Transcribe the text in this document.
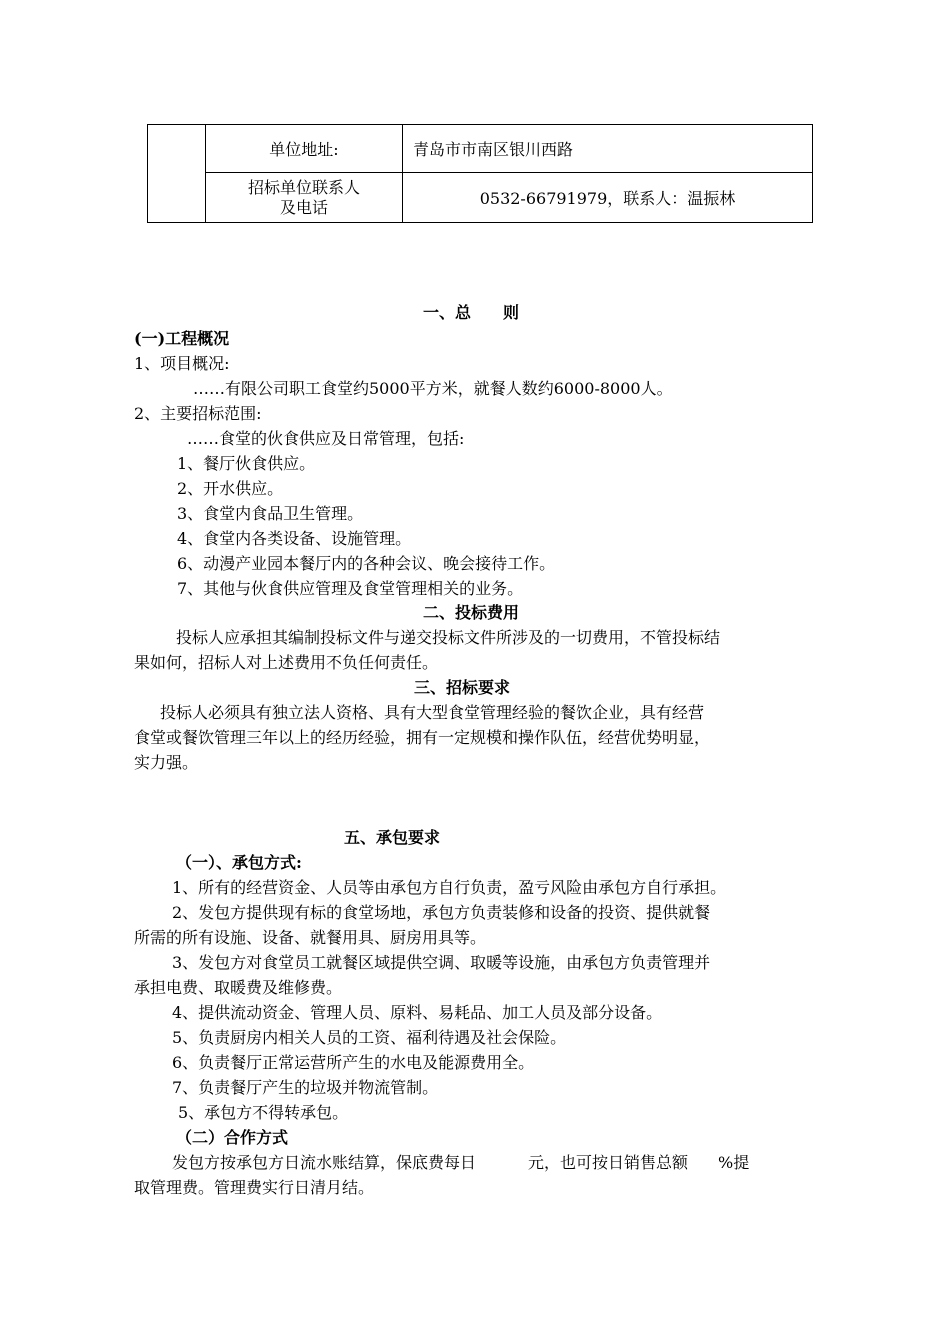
	单位地址:	青岛市市南区银川西路

	招标单位联系人
及电话	0532-66791979，联系人：温振林
一、总　　则
(一)工程概况
1、项目概况:
……有限公司职工食堂约5000平方米，就餐人数约6000-8000人。
2、主要招标范围:
……食堂的伙食供应及日常管理，包括:
1、餐厅伙食供应。
2、开水供应。
3、食堂内食品卫生管理。
4、食堂内各类设备、设施管理。
6、动漫产业园本餐厅内的各种会议、晚会接待工作。
7、其他与伙食供应管理及食堂管理相关的业务。
二、投标费用
投标人应承担其编制投标文件与递交投标文件所涉及的一切费用，不管投标结
果如何，招标人对上述费用不负任何责任。
三、招标要求
投标人必须具有独立法人资格、具有大型食堂管理经验的餐饮企业，具有经营
食堂或餐饮管理三年以上的经历经验，拥有一定规模和操作队伍，经营优势明显，
实力强。
五、承包要求
（一）、承包方式:
1、所有的经营资金、人员等由承包方自行负责，盈亏风险由承包方自行承担。
2、发包方提供现有标的食堂场地，承包方负责装修和设备的投资、提供就餐
所需的所有设施、设备、就餐用具、厨房用具等。
3、发包方对食堂员工就餐区域提供空调、取暖等设施，由承包方负责管理并
承担电费、取暖费及维修费。
4、提供流动资金、管理人员、原料、易耗品、加工人员及部分设备。
5、负责厨房内相关人员的工资、福利待遇及社会保险。
6、负责餐厅正常运营所产生的水电及能源费用全。
7、负责餐厅产生的垃圾并物流管制。
5、承包方不得转承包。
（二）合作方式
发包方按承包方日流水账结算，保底费每日	元，也可按日销售总额 %提
取管理费。管理费实行日清月结。
